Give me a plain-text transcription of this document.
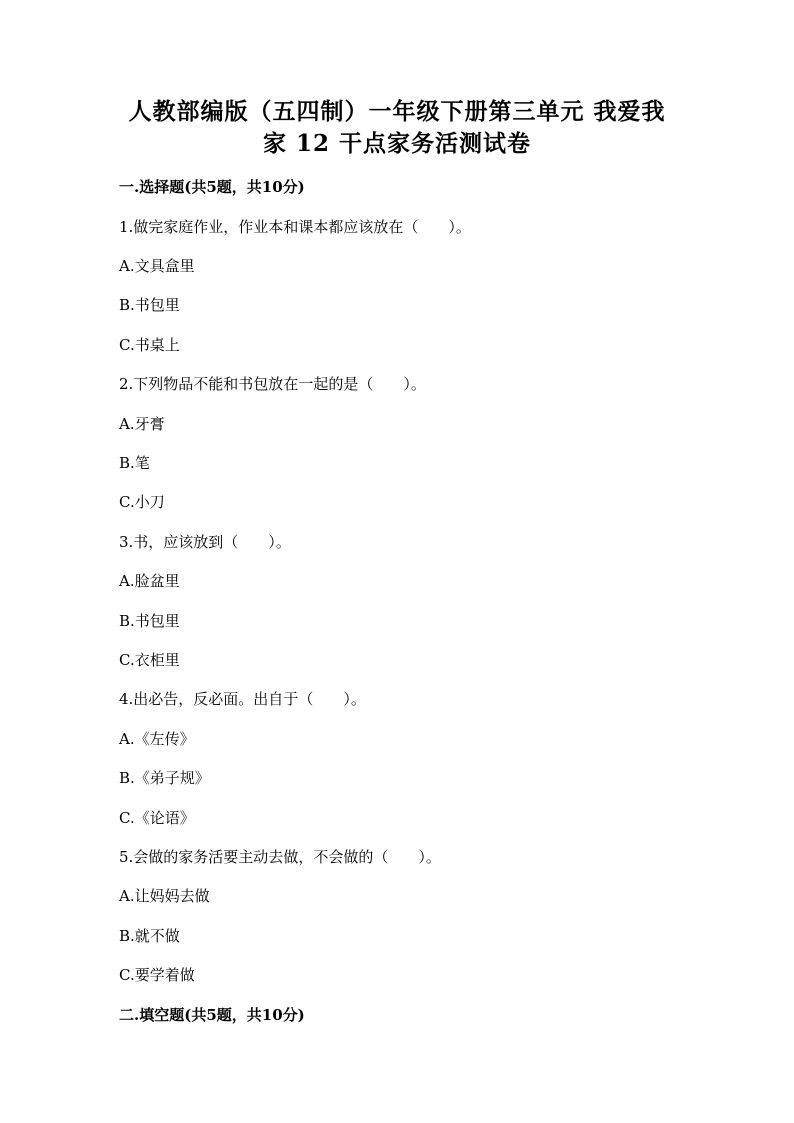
人教部编版（五四制）一年级下册第三单元 我爱我
家 12 干点家务活测试卷
一.选择题(共5题，共10分)
1.做完家庭作业，作业本和课本都应该放在（　　）。
A.文具盒里
B.书包里
C.书桌上
2.下列物品不能和书包放在一起的是（　　）。
A.牙膏
B.笔
C.小刀
3.书，应该放到（　　）。
A.脸盆里
B.书包里
C.衣柜里
4.出必告，反必面。出自于（　　）。
A.《左传》
B.《弟子规》
C.《论语》
5.会做的家务活要主动去做，不会做的（　　）。
A.让妈妈去做
B.就不做
C.要学着做
二.填空题(共5题，共10分)
